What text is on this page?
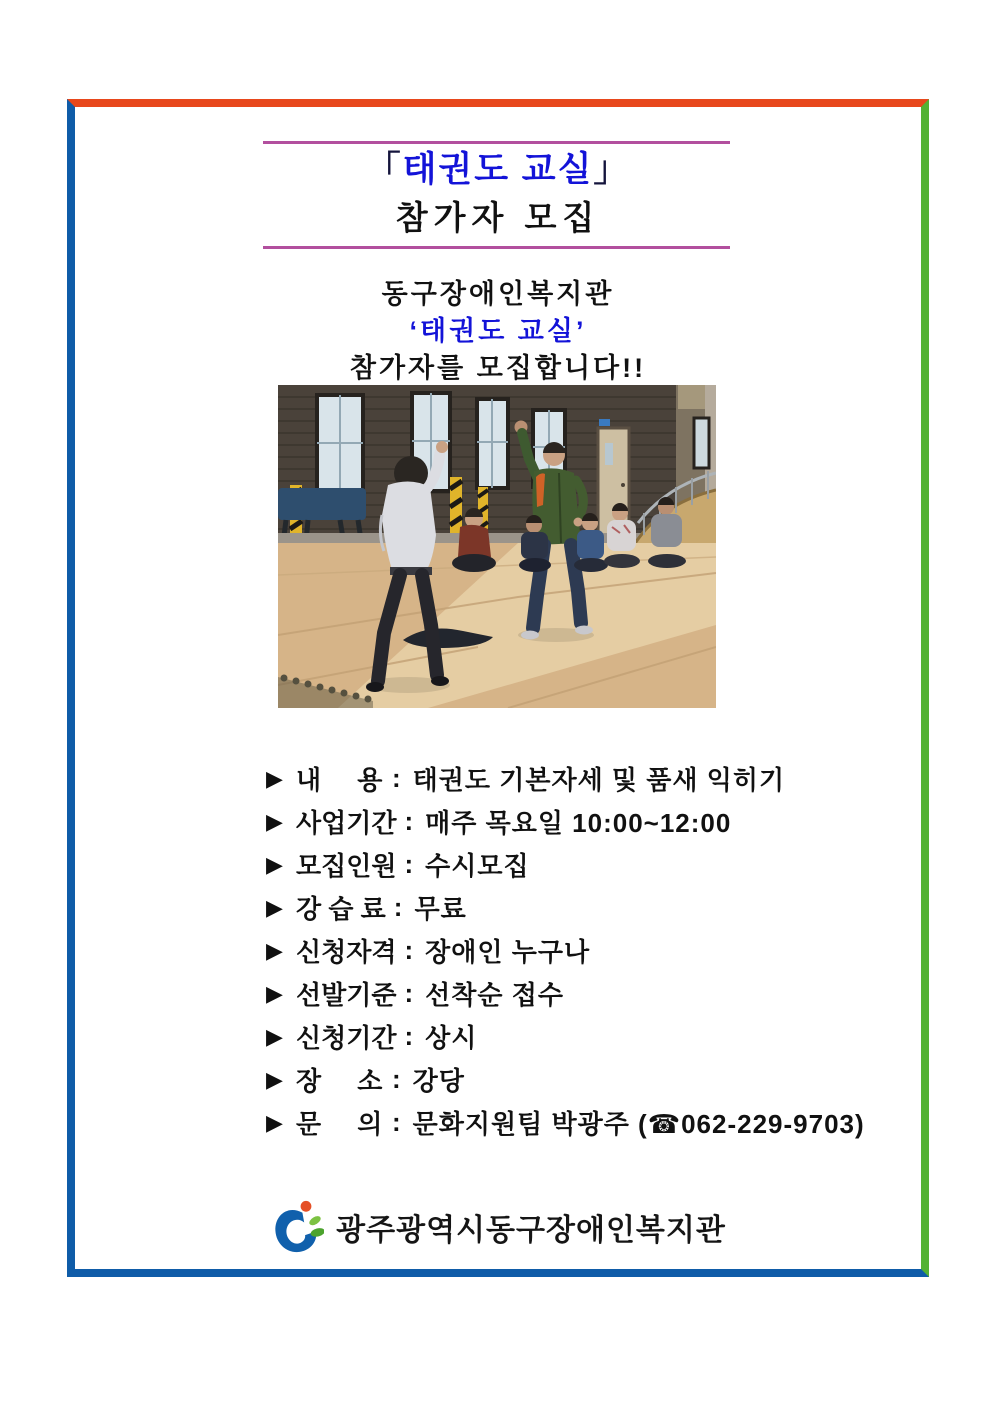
「태권도 교실」
참가자 모집
동구장애인복지관
‘태권도 교실’
참가자를 모집합니다!!
▶ 내     용 : 태권도 기본자세 및 품새 익히기
▶ 사업기간 : 매주 목요일 10:00~12:00
▶ 모집인원 : 수시모집
▶ 강 습 료 : 무료
▶ 신청자격 : 장애인 누구나
▶ 선발기준 : 선착순 접수
▶ 신청기간 : 상시
▶ 장     소 : 강당
▶ 문     의 : 문화지원팀 박광주 (☎062-229-9703)
광주광역시동구장애인복지관
